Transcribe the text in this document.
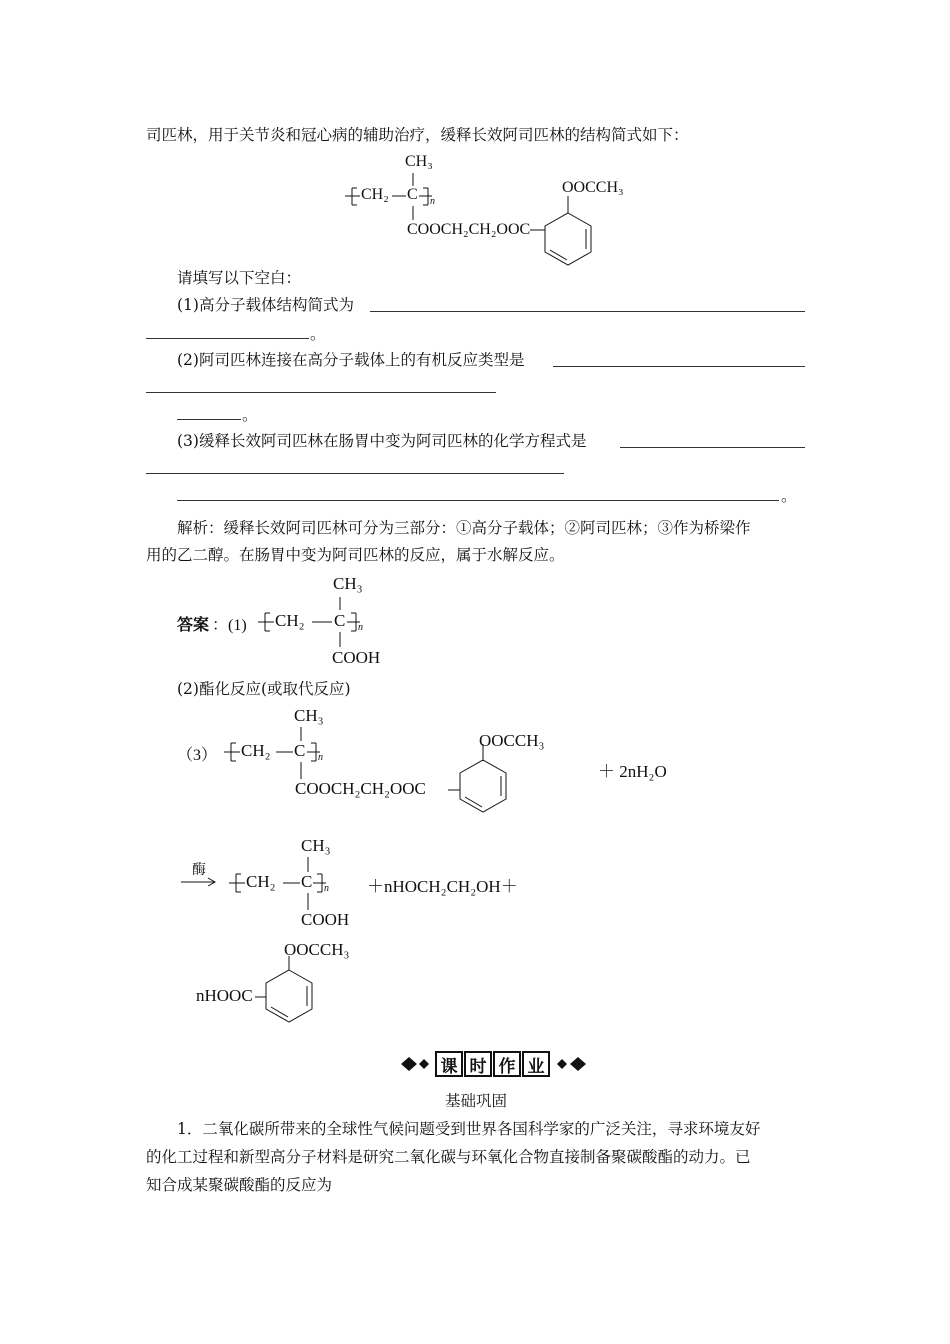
司匹林，用于关节炎和冠心病的辅助治疗，缓释长效阿司匹林的结构简式如下：
CH₃
CH₂ C n
COOCH₂CH₂OOC
OOCCH₃
请填写以下空白：
(1)高分子载体结构简式为
。
(2)阿司匹林连接在高分子载体上的有机反应类型是
。
(3)缓释长效阿司匹林在肠胃中变为阿司匹林的化学方程式是
。
解析：缓释长效阿司匹林可分为三部分：①高分子载体；②阿司匹林；③作为桥梁作
用的乙二醇。在肠胃中变为阿司匹林的反应，属于水解反应。
CH₃
答案 ：(1) CH₂ C n
COOH
(2)酯化反应(或取代反应)
CH₃
（3） CH₂ C n
COOCH₂CH₂OOC
OOCCH₃
＋ 2nH₂O
CH₃
酶
CH₂ C n
COOH
＋nHOCH₂CH₂OH＋
OOCCH₃
nHOOC
课 时 作 业
基础巩固
1．二氧化碳所带来的全球性气候问题受到世界各国科学家的广泛关注，寻求环境友好
的化工过程和新型高分子材料是研究二氧化碳与环氧化合物直接制备聚碳酸酯的动力。已
知合成某聚碳酸酯的反应为
